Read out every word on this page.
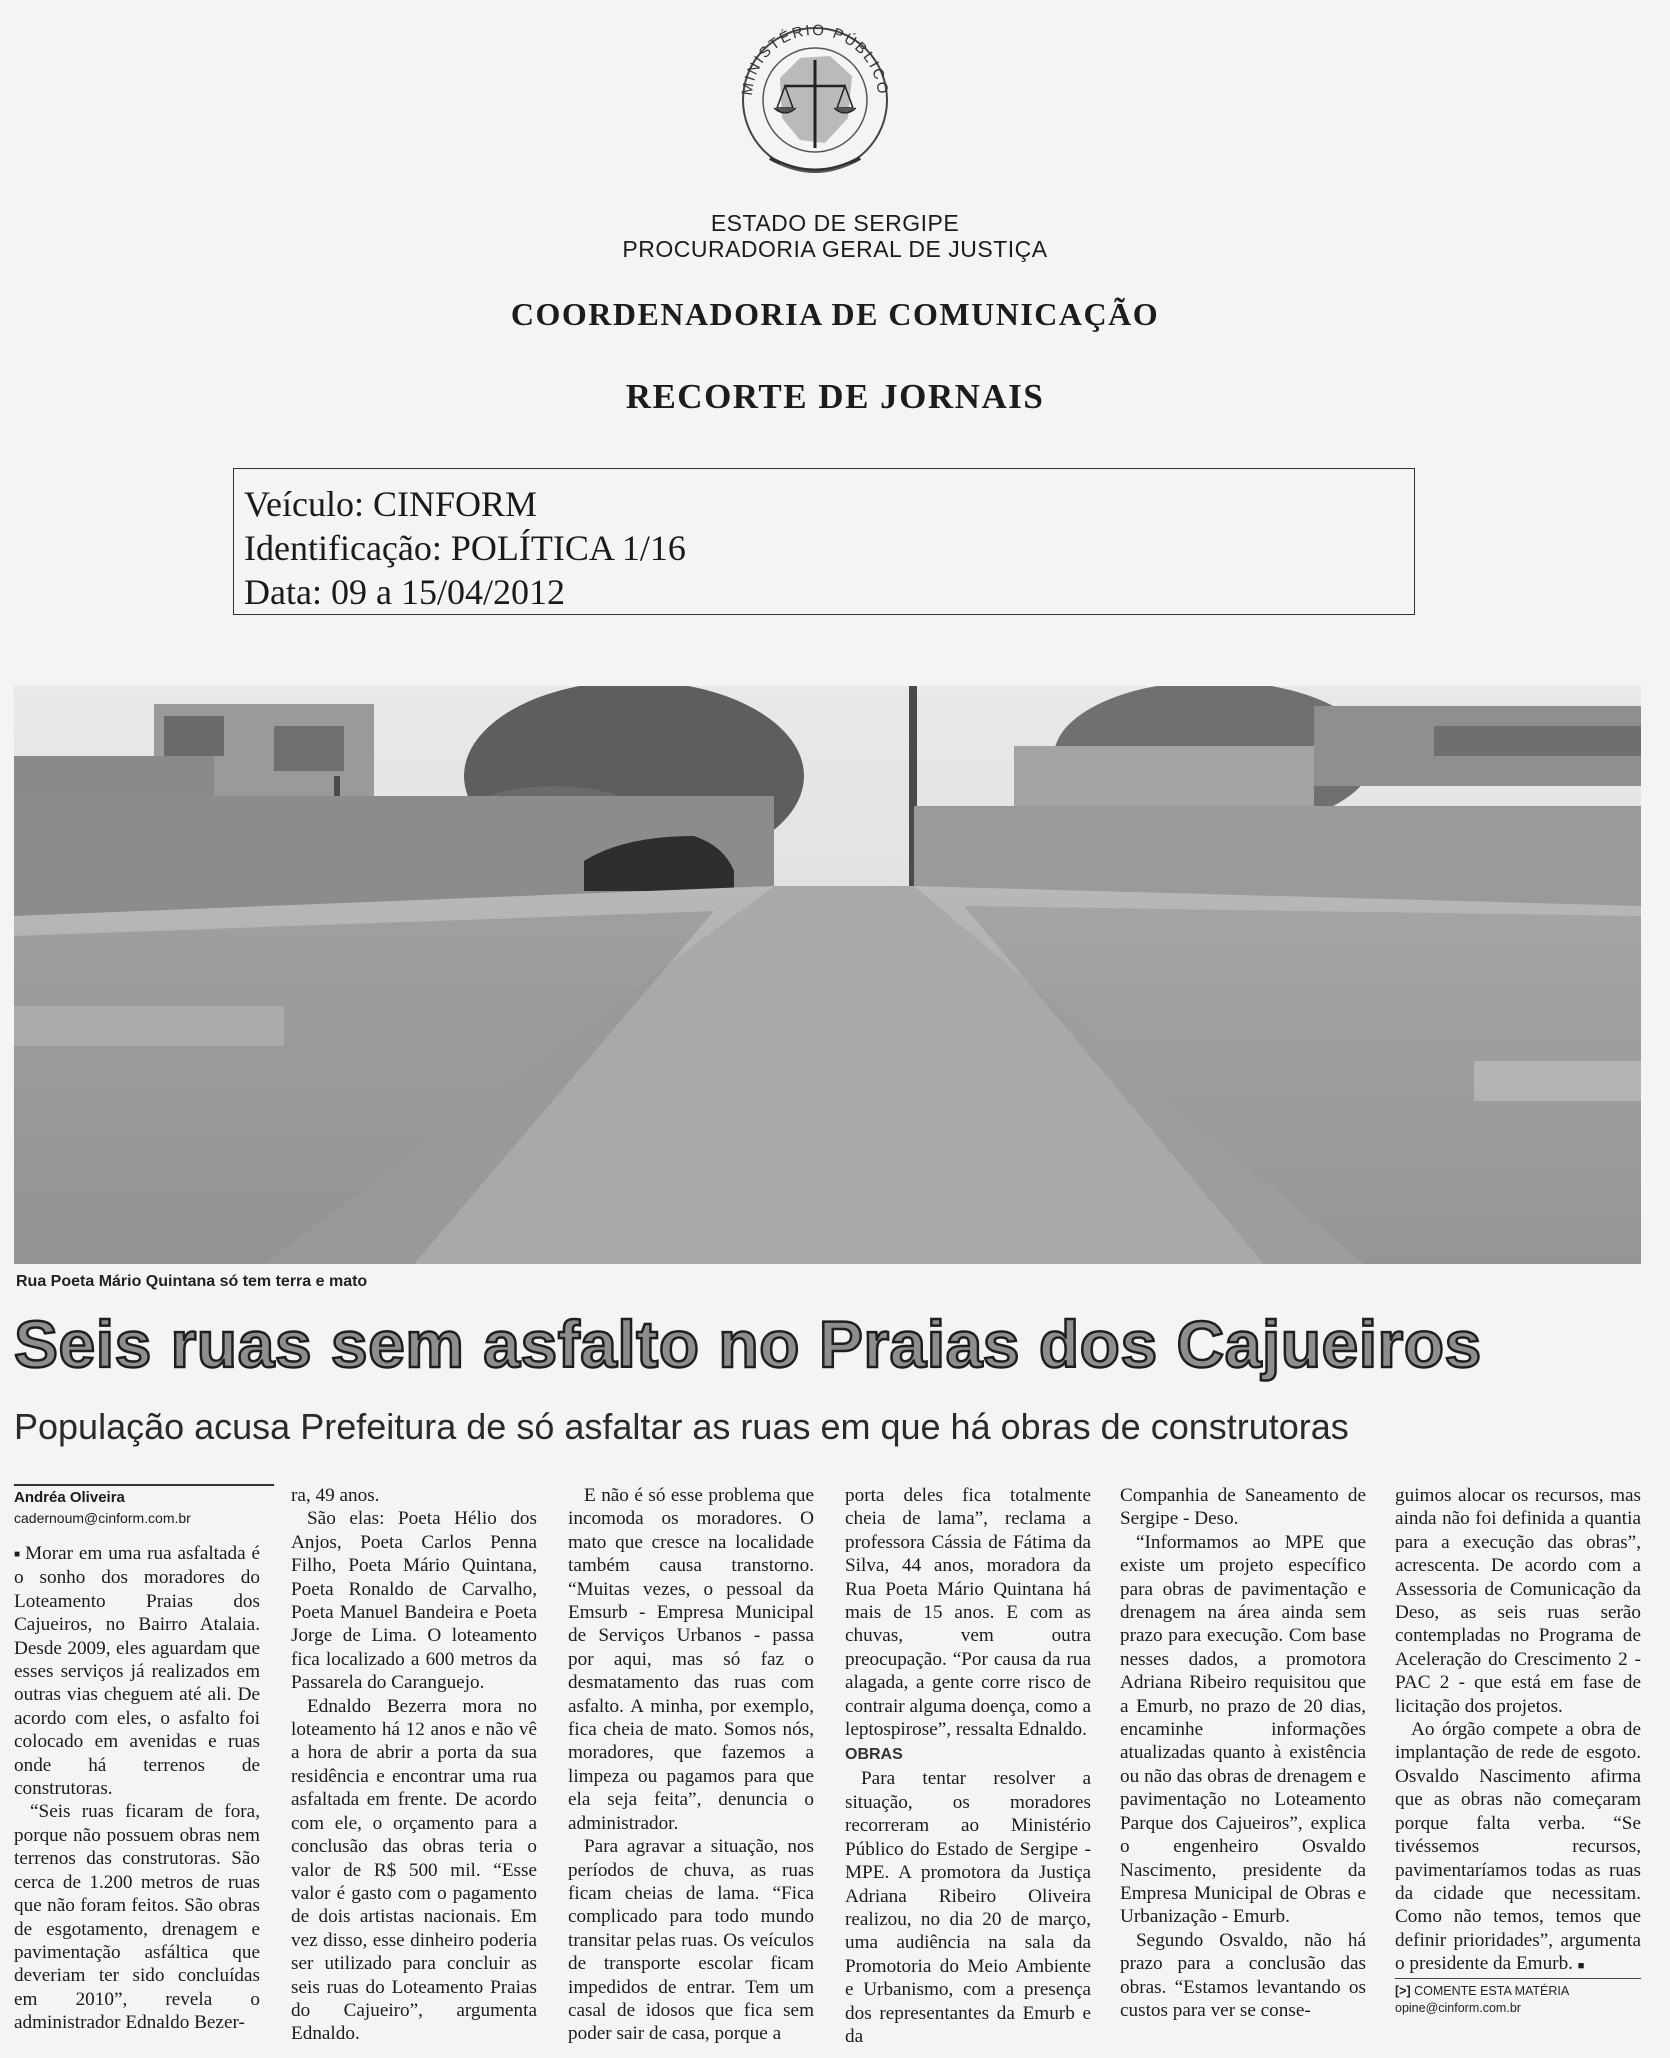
MINISTÉRIO PÚBLICO
ESTADO DE SERGIPE
PROCURADORIA GERAL DE JUSTIÇA
COORDENADORIA DE COMUNICAÇÃO
RECORTE DE JORNAIS
Veículo: CINFORM
Identificação: POLÍTICA 1/16
Data: 09 a 15/04/2012
Rua Poeta Mário Quintana só tem terra e mato
Seis ruas sem asfalto no Praias dos Cajueiros
População acusa Prefeitura de só asfaltar as ruas em que há obras de construtoras
Andréa Oliveira
cadernoum@cinform.com.br

■ Morar em uma rua asfaltada é o sonho dos moradores do Loteamento Praias dos Cajueiros, no Bairro Atalaia. Desde 2009, eles aguardam que esses serviços já realizados em outras vias cheguem até ali. De acordo com eles, o asfalto foi colocado em avenidas e ruas onde há terrenos de construtoras.

“Seis ruas ficaram de fora, porque não possuem obras nem terrenos das construtoras. São cerca de 1.200 metros de ruas que não foram feitos. São obras de esgotamento, drenagem e pavimentação asfáltica que deveriam ter sido concluídas em 2010”, revela o administrador Ednaldo Bezer-

ra, 49 anos.

São elas: Poeta Hélio dos Anjos, Poeta Carlos Penna Filho, Poeta Mário Quintana, Poeta Ronaldo de Carvalho, Poeta Manuel Bandeira e Poeta Jorge de Lima. O loteamento fica localizado a 600 metros da Passarela do Caranguejo.

Ednaldo Bezerra mora no loteamento há 12 anos e não vê a hora de abrir a porta da sua residência e encontrar uma rua asfaltada em frente. De acordo com ele, o orçamento para a conclusão das obras teria o valor de R$ 500 mil. “Esse valor é gasto com o pagamento de dois artistas nacionais. Em vez disso, esse dinheiro poderia ser utilizado para concluir as seis ruas do Loteamento Praias do Cajueiro”, argumenta Ednaldo.

E não é só esse problema que incomoda os moradores. O mato que cresce na localidade também causa transtorno. “Muitas vezes, o pessoal da Emsurb - Empresa Municipal de Serviços Urbanos - passa por aqui, mas só faz o desmatamento das ruas com asfalto. A minha, por exemplo, fica cheia de mato. Somos nós, moradores, que fazemos a limpeza ou pagamos para que ela seja feita”, denuncia o administrador.

Para agravar a situação, nos períodos de chuva, as ruas ficam cheias de lama. “Fica complicado para todo mundo transitar pelas ruas. Os veículos de transporte escolar ficam impedidos de entrar. Tem um casal de idosos que fica sem poder sair de casa, porque a

porta deles fica totalmente cheia de lama”, reclama a professora Cássia de Fátima da Silva, 44 anos, moradora da Rua Poeta Mário Quintana há mais de 15 anos. E com as chuvas, vem outra preocupação. “Por causa da rua alagada, a gente corre risco de contrair alguma doença, como a leptospirose”, ressalta Ednaldo.

OBRAS

Para tentar resolver a situação, os moradores recorreram ao Ministério Público do Estado de Sergipe - MPE. A promotora da Justiça Adriana Ribeiro Oliveira realizou, no dia 20 de março, uma audiência na sala da Promotoria do Meio Ambiente e Urbanismo, com a presença dos representantes da Emurb e da

Companhia de Saneamento de Sergipe - Deso.

“Informamos ao MPE que existe um projeto específico para obras de pavimentação e drenagem na área ainda sem prazo para execução. Com base nesses dados, a promotora Adriana Ribeiro requisitou que a Emurb, no prazo de 20 dias, encaminhe informações atualizadas quanto à existência ou não das obras de drenagem e pavimentação no Loteamento Parque dos Cajueiros”, explica o engenheiro Osvaldo Nascimento, presidente da Empresa Municipal de Obras e Urbanização - Emurb.

Segundo Osvaldo, não há prazo para a conclusão das obras. “Estamos levantando os custos para ver se conse-

guimos alocar os recursos, mas ainda não foi definida a quantia para a execução das obras”, acrescenta. De acordo com a Assessoria de Comunicação da Deso, as seis ruas serão contempladas no Programa de Aceleração do Crescimento 2 - PAC 2 - que está em fase de licitação dos projetos.

Ao órgão compete a obra de implantação de rede de esgoto. Osvaldo Nascimento afirma que as obras não começaram porque falta verba. “Se tivéssemos recursos, pavimentaríamos todas as ruas da cidade que necessitam. Como não temos, temos que definir prioridades”, argumenta o presidente da Emurb. ■

[>] COMENTE ESTA MATÉRIA
opine@cinform.com.br
